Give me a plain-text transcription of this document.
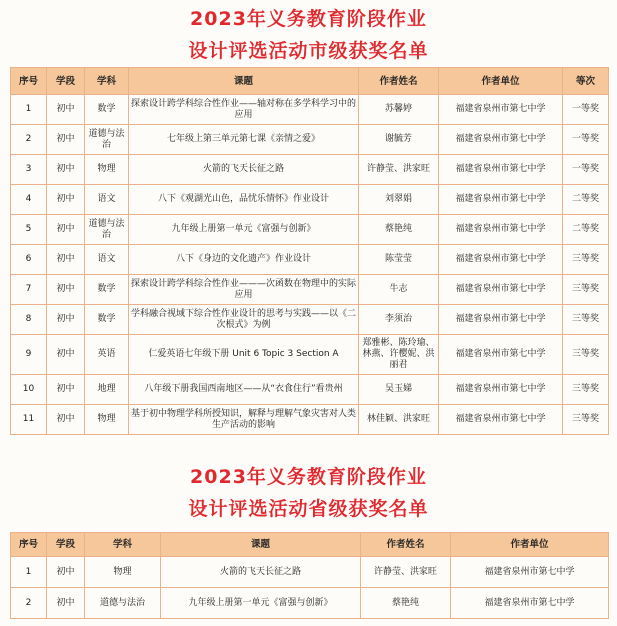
2023年义务教育阶段作业
设计评选活动市级获奖名单
序号	学段	学科	课题	作者姓名	作者单位	等次
1	初中	数学	探索设计跨学科综合性作业——轴对称在多学科学习中的应用	苏馨婷	福建省泉州市第七中学	一等奖
2	初中	道德与法治	七年级上第三单元第七课《亲情之爱》	谢毓芳	福建省泉州市第七中学	一等奖
3	初中	物理	火箭的飞天长征之路	许静莹、洪家旺	福建省泉州市第七中学	一等奖
4	初中	语文	八下《观湖光山色，品忧乐情怀》作业设计	刘翠娟	福建省泉州市第七中学	二等奖
5	初中	道德与法治	九年级上册第一单元《富强与创新》	蔡艳纯	福建省泉州市第七中学	二等奖
6	初中	语文	八下《身边的文化遗产》作业设计	陈莹莹	福建省泉州市第七中学	三等奖
7	初中	数学	探索设计跨学科综合性作业———次函数在物理中的实际应用	牛志	福建省泉州市第七中学	三等奖
8	初中	数学	学科融合视域下综合性作业设计的思考与实践——以《二次根式》为例	李须治	福建省泉州市第七中学	三等奖
9	初中	英语	仁爱英语七年级下册 Unit 6 Topic 3 Section A	郑雅彬、陈玲瑜、林燕、许樱妮、洪丽君	福建省泉州市第七中学	三等奖
10	初中	地理	八年级下册我国西南地区——从“衣食住行”看贵州	吴玉娣	福建省泉州市第七中学	三等奖
11	初中	物理	基于初中物理学科所授知识，解释与理解气象灾害对人类生产活动的影响	林佳颖、洪家旺	福建省泉州市第七中学	三等奖
2023年义务教育阶段作业
设计评选活动省级获奖名单
序号	学段	学科	课题	作者姓名	作者单位
1	初中	物理	火箭的飞天长征之路	许静莹、洪家旺	福建省泉州市第七中学
2	初中	道德与法治	九年级上册第一单元《富强与创新》	蔡艳纯	福建省泉州市第七中学
